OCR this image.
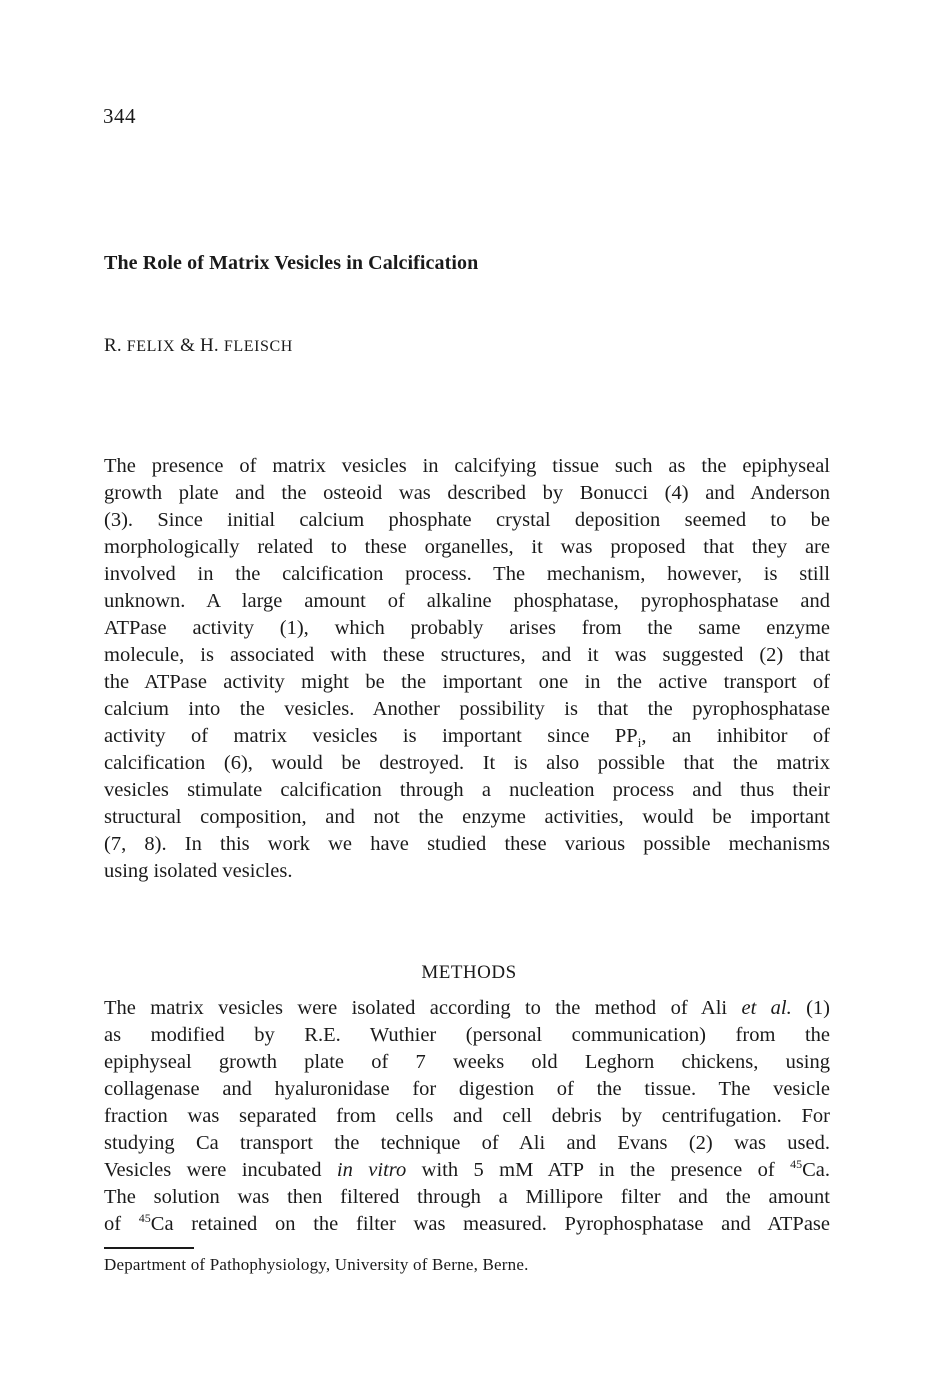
344
The Role of Matrix Vesicles in Calcification
R. FELIX & H. FLEISCH
The presence of matrix vesicles in calcifying tissue such as the epiphyseal
growth plate and the osteoid was described by Bonucci (4) and Anderson
(3). Since initial calcium phosphate crystal deposition seemed to be
morphologically related to these organelles, it was proposed that they are
involved in the calcification process. The mechanism, however, is still
unknown. A large amount of alkaline phosphatase, pyrophosphatase and
ATPase activity (1), which probably arises from the same enzyme
molecule, is associated with these structures, and it was suggested (2) that
the ATPase activity might be the important one in the active transport of
calcium into the vesicles. Another possibility is that the pyrophosphatase
activity of matrix vesicles is important since $PP_i$, an inhibitor of
calcification (6), would be destroyed. It is also possible that the matrix
vesicles stimulate calcification through a nucleation process and thus their
structural composition, and not the enzyme activities, would be important
(7, 8). In this work we have studied these various possible mechanisms
using isolated vesicles.
METHODS
The matrix vesicles were isolated according to the method of Ali et al. (1)
as modified by R.E. Wuthier (personal communication) from the
epiphyseal growth plate of 7 weeks old Leghorn chickens, using
collagenase and hyaluronidase for digestion of the tissue. The vesicle
fraction was separated from cells and cell debris by centrifugation. For
studying Ca transport the technique of Ali and Evans (2) was used.
Vesicles were incubated in vitro with 5 mM ATP in the presence of $^{45}$Ca.
The solution was then filtered through a Millipore filter and the amount
of $^{45}$Ca retained on the filter was measured. Pyrophosphatase and ATPase
Department of Pathophysiology, University of Berne, Berne.
